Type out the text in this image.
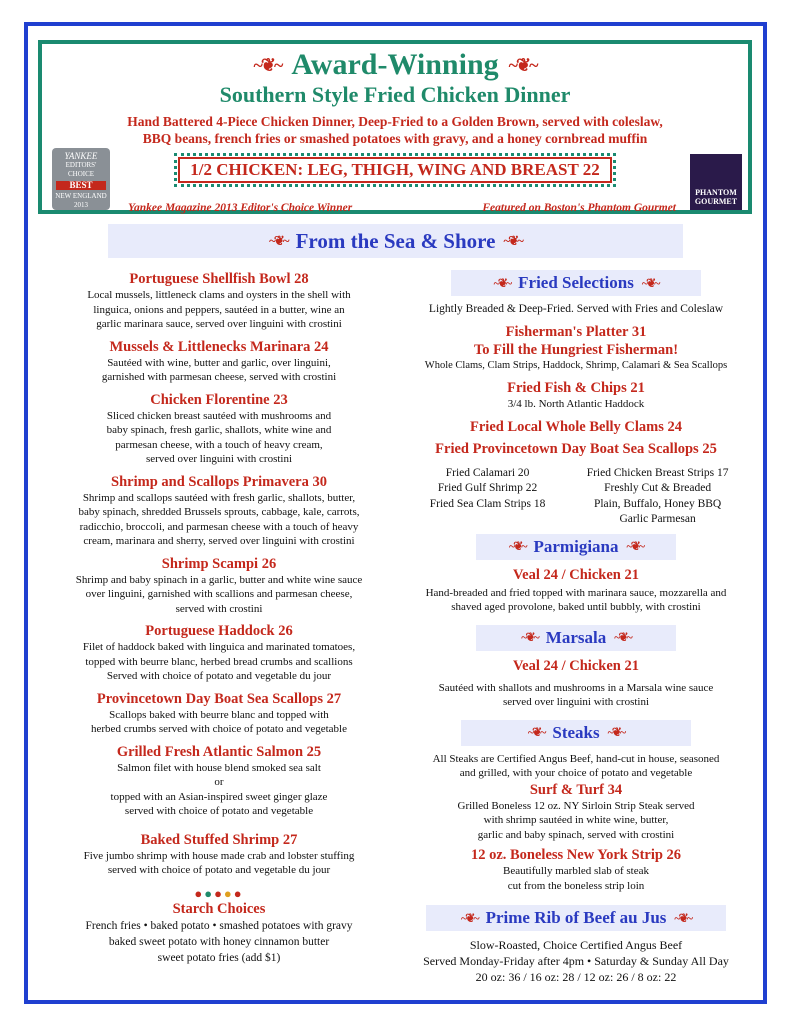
~❦~ Award-Winning ~❦~
Southern Style Fried Chicken Dinner
Hand Battered 4-Piece Chicken Dinner, Deep-Fried to a Golden Brown, served with coleslaw,
BBQ beans, french fries or smashed potatoes with gravy, and a honey cornbread muffin
1/2 CHICKEN: LEG, THIGH, WING AND BREAST 22
YANKEE
EDITORS' CHOICE
BEST
NEW ENGLAND
2013
PHANTOM
GOURMET
Yankee Magazine 2013 Editor's Choice Winner	Featured on Boston's Phantom Gourmet
~❦~ From the Sea & Shore ~❦~
Portuguese Shellfish Bowl 28
Local mussels, littleneck clams and oysters in the shell with
linguica, onions and peppers, sautéed in a butter, wine an
garlic marinara sauce, served over linguini with crostini
Mussels & Littlenecks Marinara 24
Sautéed with wine, butter and garlic, over linguini,
garnished with parmesan cheese, served with crostini
Chicken Florentine 23
Sliced chicken breast sautéed with mushrooms and
baby spinach, fresh garlic, shallots, white wine and
parmesan cheese, with a touch of heavy cream,
served over linguini with crostini
Shrimp and Scallops Primavera 30
Shrimp and scallops sautéed with fresh garlic, shallots, butter,
baby spinach, shredded Brussels sprouts, cabbage, kale, carrots,
radicchio, broccoli, and parmesan cheese with a touch of heavy
cream, marinara and sherry, served over linguini with crostini
Shrimp Scampi 26
Shrimp and baby spinach in a garlic, butter and white wine sauce
over linguini, garnished with scallions and parmesan cheese,
served with crostini
Portuguese Haddock 26
Filet of haddock baked with linguica and marinated tomatoes,
topped with beurre blanc, herbed bread crumbs and scallions
Served with choice of potato and vegetable du jour
Provincetown Day Boat Sea Scallops 27
Scallops baked with beurre blanc and topped with
herbed crumbs served with choice of potato and vegetable
Grilled Fresh Atlantic Salmon 25
Salmon filet with house blend smoked sea salt
or
topped with an Asian-inspired sweet ginger glaze
served with choice of potato and vegetable
Baked Stuffed Shrimp 27
Five jumbo shrimp with house made crab and lobster stuffing
served with choice of potato and vegetable du jour
●●●●●
Starch Choices
French fries • baked potato • smashed potatoes with gravy
baked sweet potato with honey cinnamon butter
sweet potato fries (add $1)
~❦~ Fried Selections ~❦~
Lightly Breaded & Deep-Fried. Served with Fries and Coleslaw
Fisherman's Platter 31
To Fill the Hungriest Fisherman!
Whole Clams, Clam Strips, Haddock, Shrimp, Calamari & Sea Scallops
Fried Fish & Chips 21
3/4 lb. North Atlantic Haddock
Fried Local Whole Belly Clams 24
Fried Provincetown Day Boat Sea Scallops 25
Fried Calamari 20
Fried Gulf Shrimp 22
Fried Sea Clam Strips 18
Fried Chicken Breast Strips 17
Freshly Cut & Breaded
Plain, Buffalo, Honey BBQ
Garlic Parmesan
~❦~ Parmigiana ~❦~
Veal 24 / Chicken 21
Hand-breaded and fried topped with marinara sauce, mozzarella and
shaved aged provolone, baked until bubbly, with crostini
~❦~ Marsala ~❦~
Veal 24 / Chicken 21
Sautéed with shallots and mushrooms in a Marsala wine sauce
served over linguini with crostini
~❦~ Steaks ~❦~
All Steaks are Certified Angus Beef, hand-cut in house, seasoned
and grilled, with your choice of potato and vegetable
Surf & Turf 34
Grilled Boneless 12 oz. NY Sirloin Strip Steak served
with shrimp sautéed in white wine, butter,
garlic and baby spinach, served with crostini
12 oz. Boneless New York Strip 26
Beautifully marbled slab of steak
cut from the boneless strip loin
~❦~ Prime Rib of Beef au Jus ~❦~
Slow-Roasted, Choice Certified Angus Beef
Served Monday-Friday after 4pm • Saturday & Sunday All Day
20 oz: 36 / 16 oz: 28 / 12 oz: 26 / 8 oz: 22
